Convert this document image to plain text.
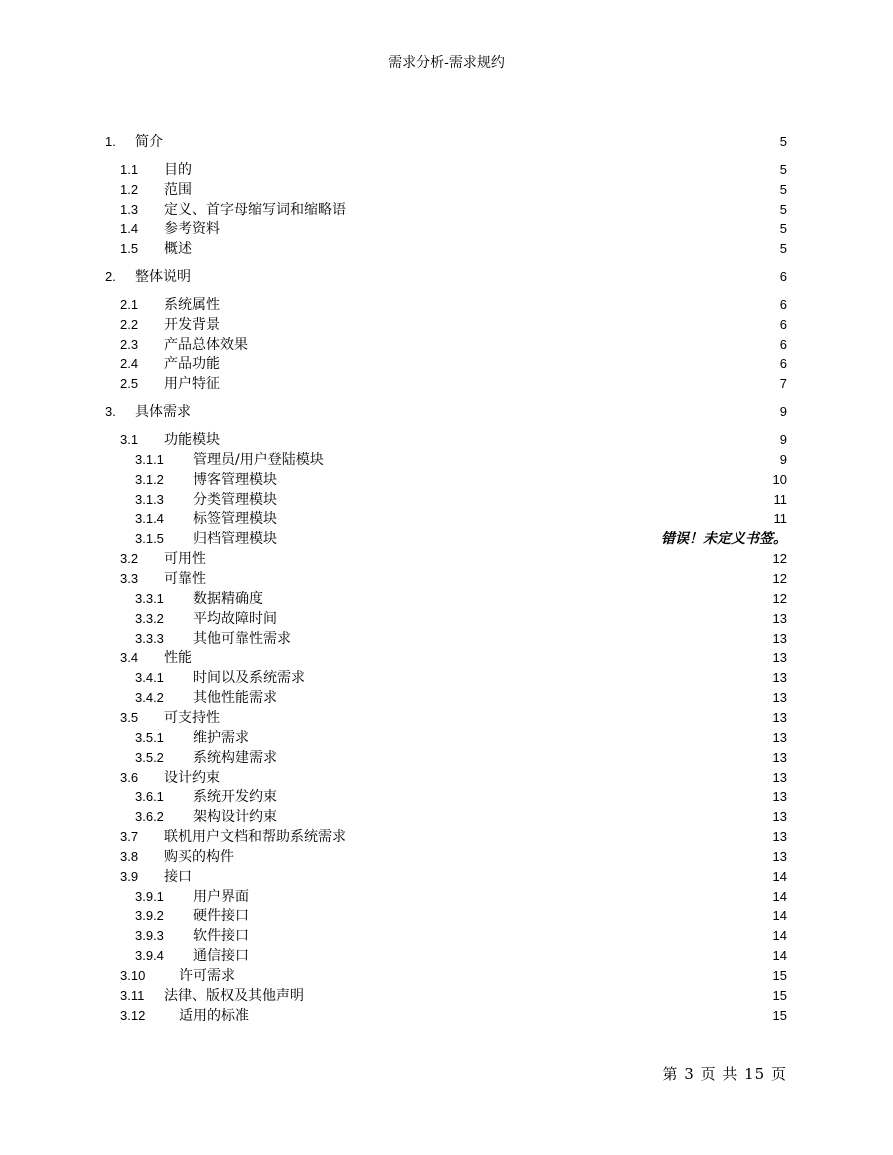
需求分析-需求规约
1. 简介	5
1.1 目的	5
1.2 范围	5
1.3 定义、首字母缩写词和缩略语	5
1.4 参考资料	5
1.5 概述	5
2. 整体说明	6
2.1 系统属性	6
2.2 开发背景	6
2.3 产品总体效果	6
2.4 产品功能	6
2.5 用户特征	7
3. 具体需求	9
3.1 功能模块	9
3.1.1 管理员/用户登陆模块	9
3.1.2 博客管理模块	10
3.1.3 分类管理模块	11
3.1.4 标签管理模块	11
3.1.5 归档管理模块	错误！未定义书签。
3.2 可用性	12
3.3 可靠性	12
3.3.1 数据精确度	12
3.3.2 平均故障时间	13
3.3.3 其他可靠性需求	13
3.4 性能	13
3.4.1 时间以及系统需求	13
3.4.2 其他性能需求	13
3.5 可支持性	13
3.5.1 维护需求	13
3.5.2 系统构建需求	13
3.6 设计约束	13
3.6.1 系统开发约束	13
3.6.2 架构设计约束	13
3.7 联机用户文档和帮助系统需求	13
3.8 购买的构件	13
3.9 接口	14
3.9.1 用户界面	14
3.9.2 硬件接口	14
3.9.3 软件接口	14
3.9.4 通信接口	14
3.10 许可需求	15
3.11 法律、版权及其他声明	15
3.12 适用的标准	15
第 3 页 共 15 页
